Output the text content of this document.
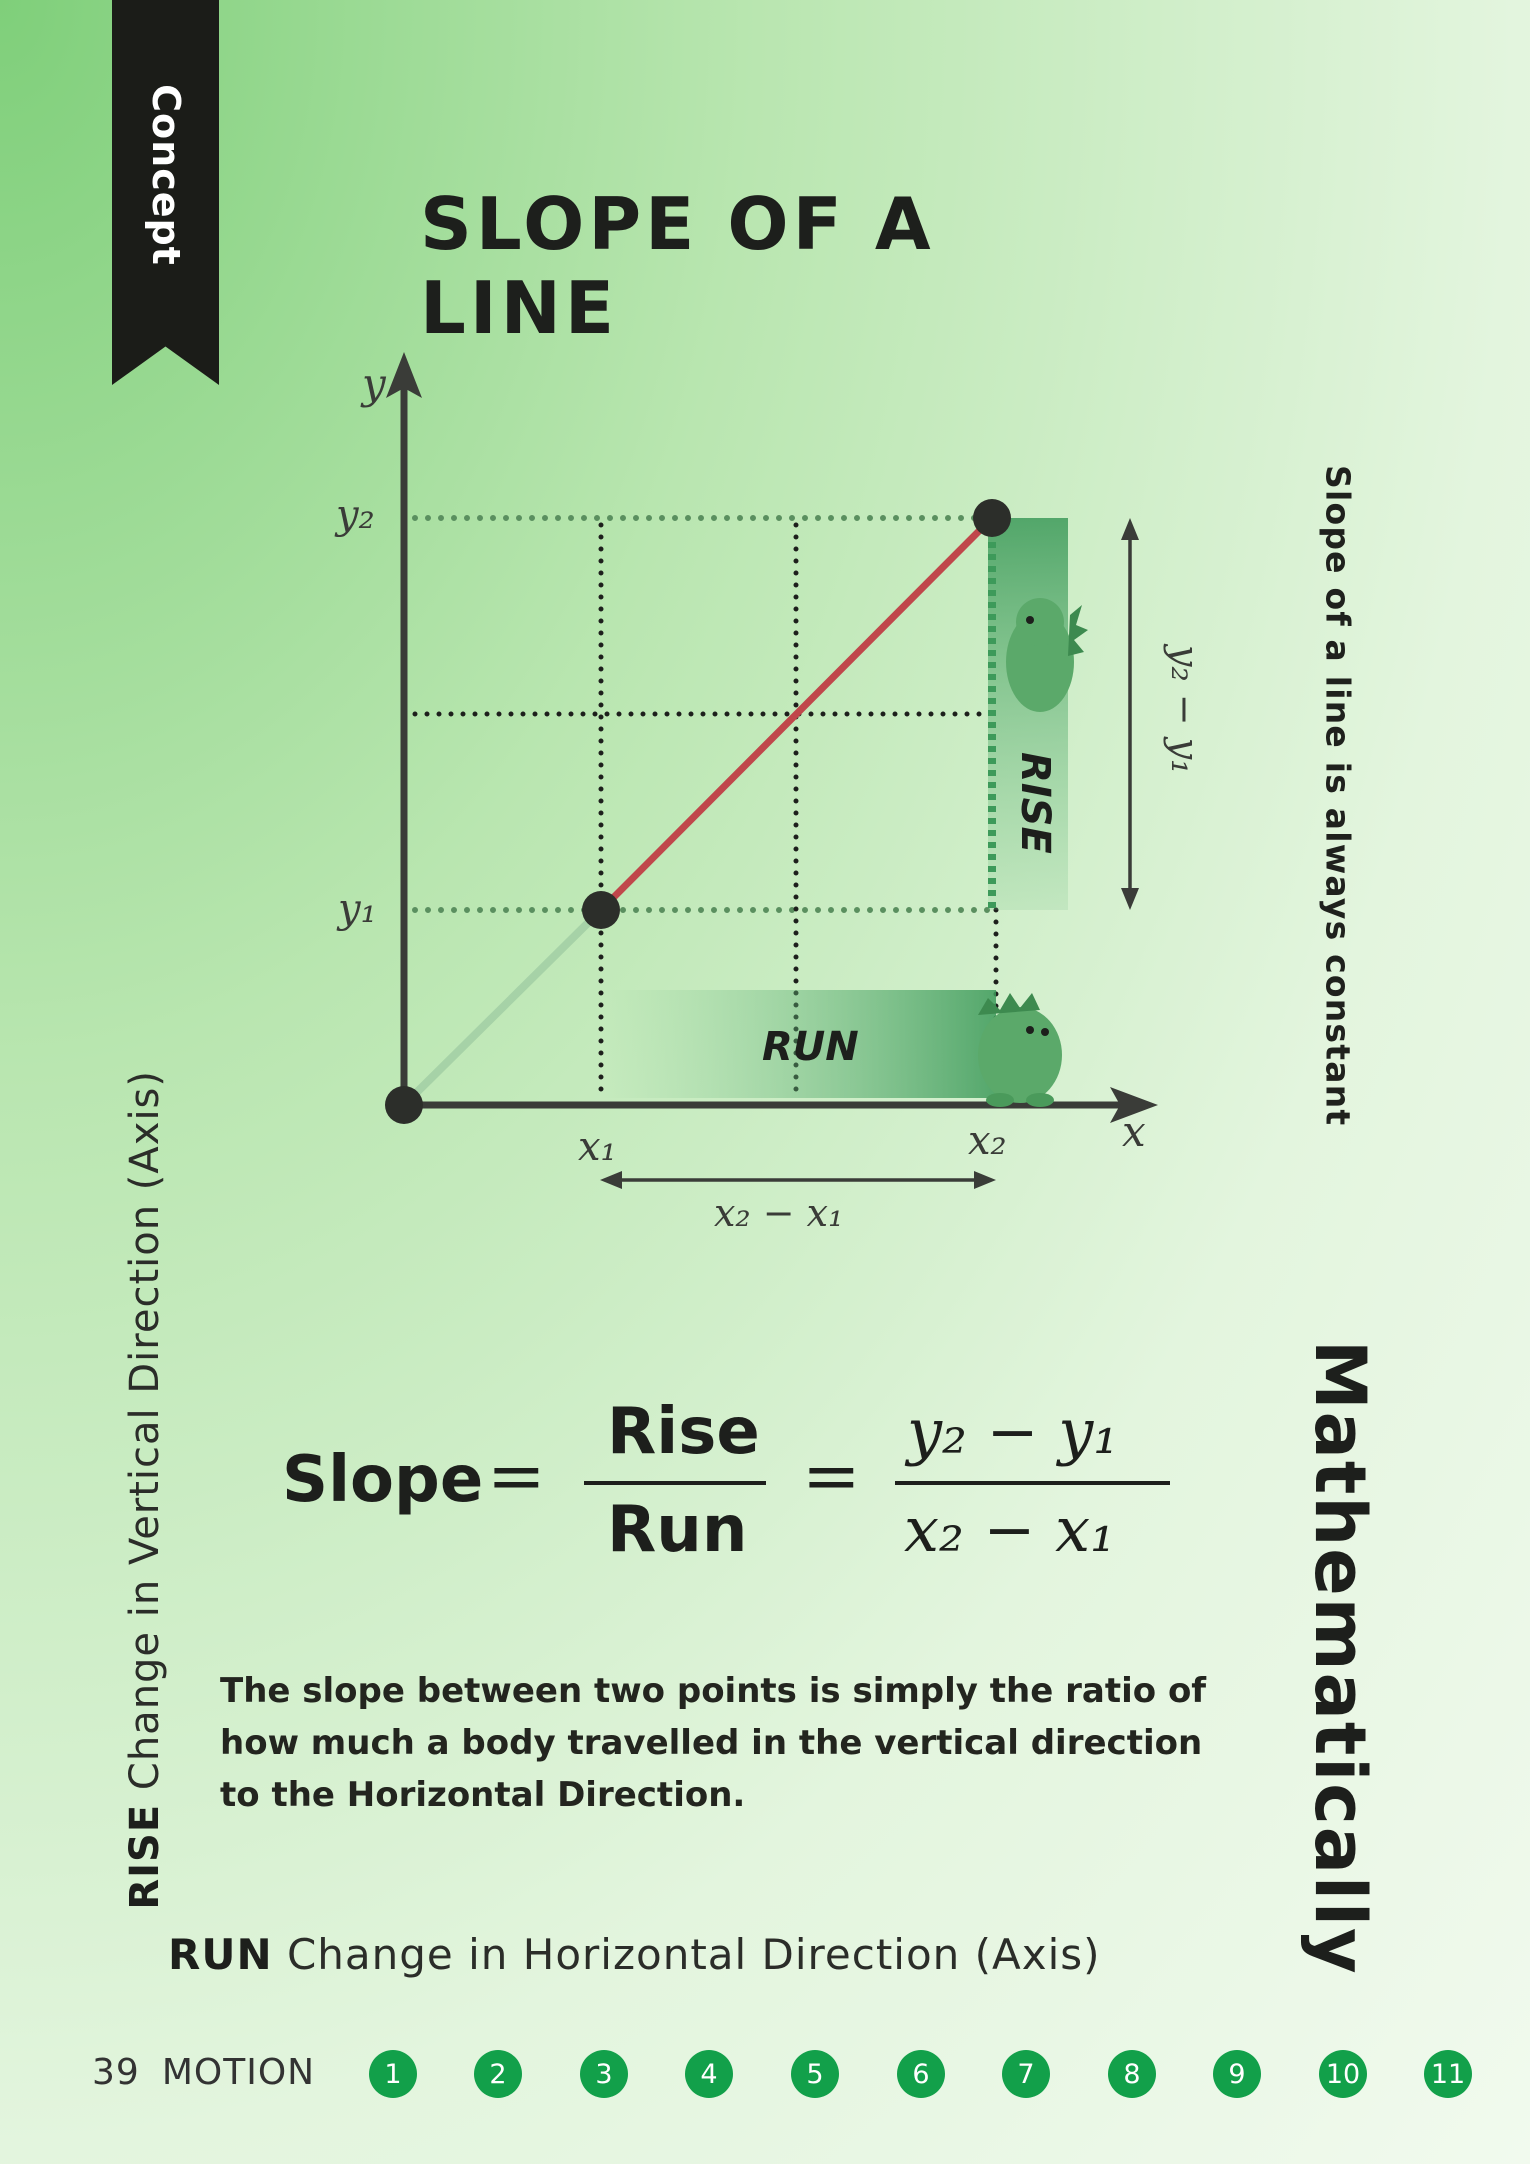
Concept	SLOPE OF A LINE
y
x
y₂
y₁
x₁	x₂
RUN
RISE
y₂ − y₁
x₂ − x₁
Slope of a line is always constant
Mathematically
RISE Change in Vertical Direction (Axis) Slope =
Rise
Run
=
y₂ − y₁
x₂ − x₁

The slope between two points is simply the ratio of how much a body travelled in the vertical direction to the Horizontal Direction.

RUN Change in Horizontal Direction (Axis)
39 MOTION	1	2	3	4	5	6	7	8	9	10	11
